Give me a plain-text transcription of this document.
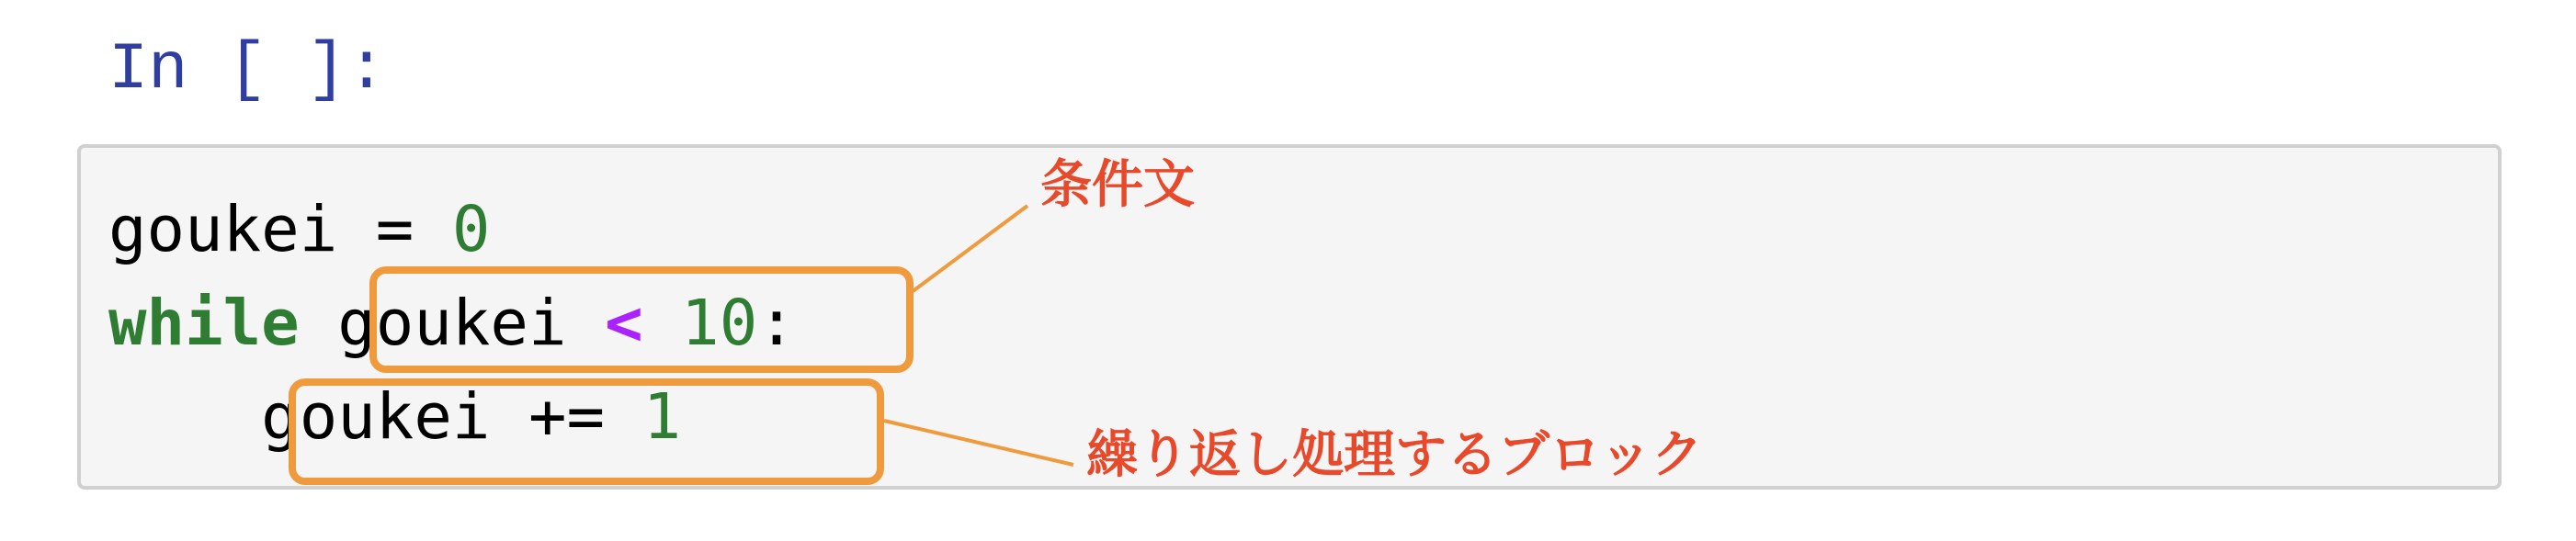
In [ ]:
goukei = 0
while goukei < 10:
goukei += 1
条件文
繰り返し処理するブロック
